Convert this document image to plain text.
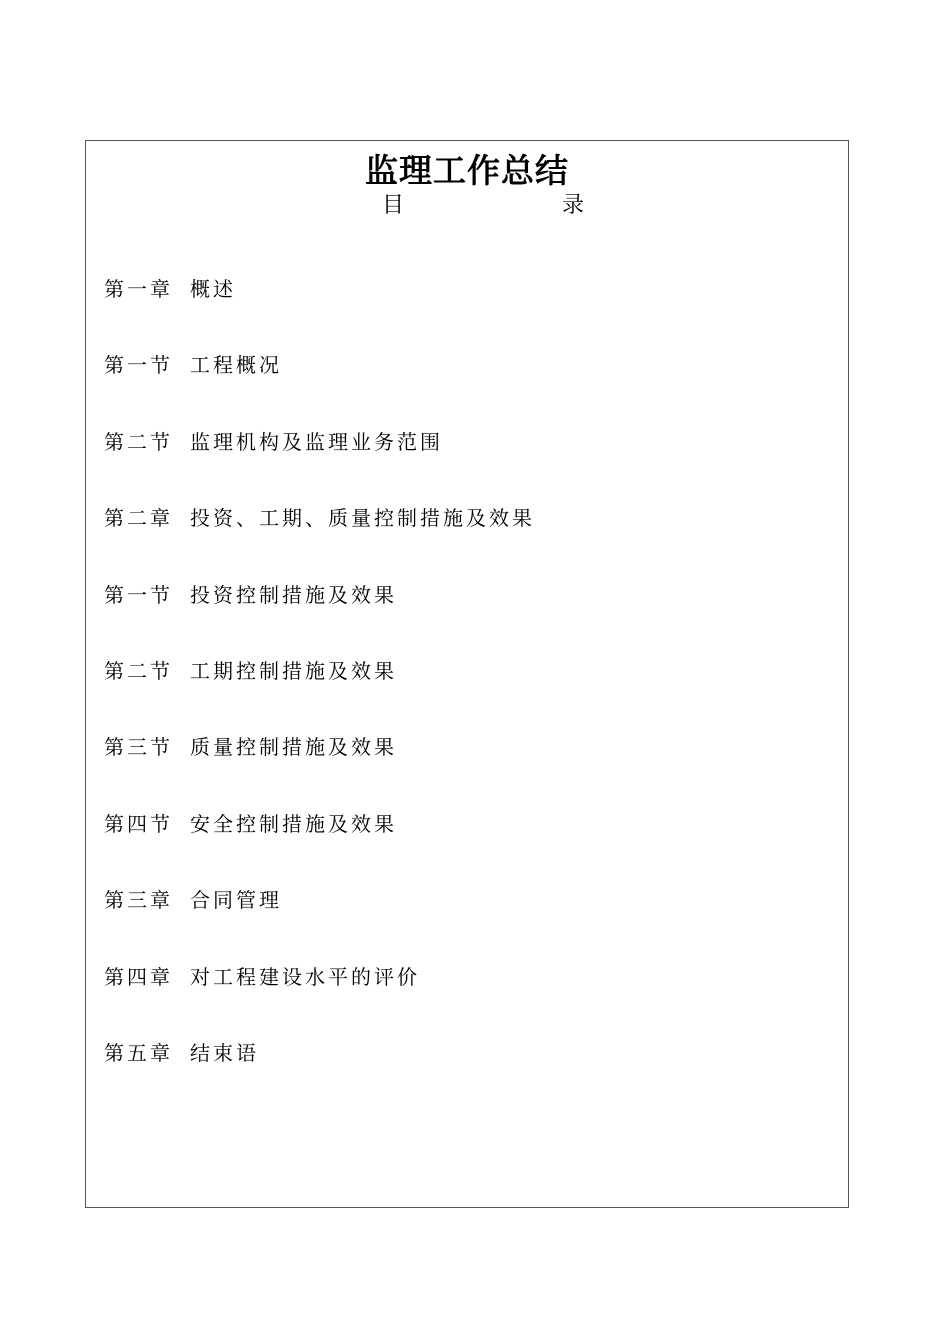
监理工作总结
目	录
第一章 概述
第一节 工程概况
第二节 监理机构及监理业务范围
第二章 投资、工期、质量控制措施及效果
第一节 投资控制措施及效果
第二节 工期控制措施及效果
第三节 质量控制措施及效果
第四节 安全控制措施及效果
第三章 合同管理
第四章 对工程建设水平的评价
第五章 结束语
